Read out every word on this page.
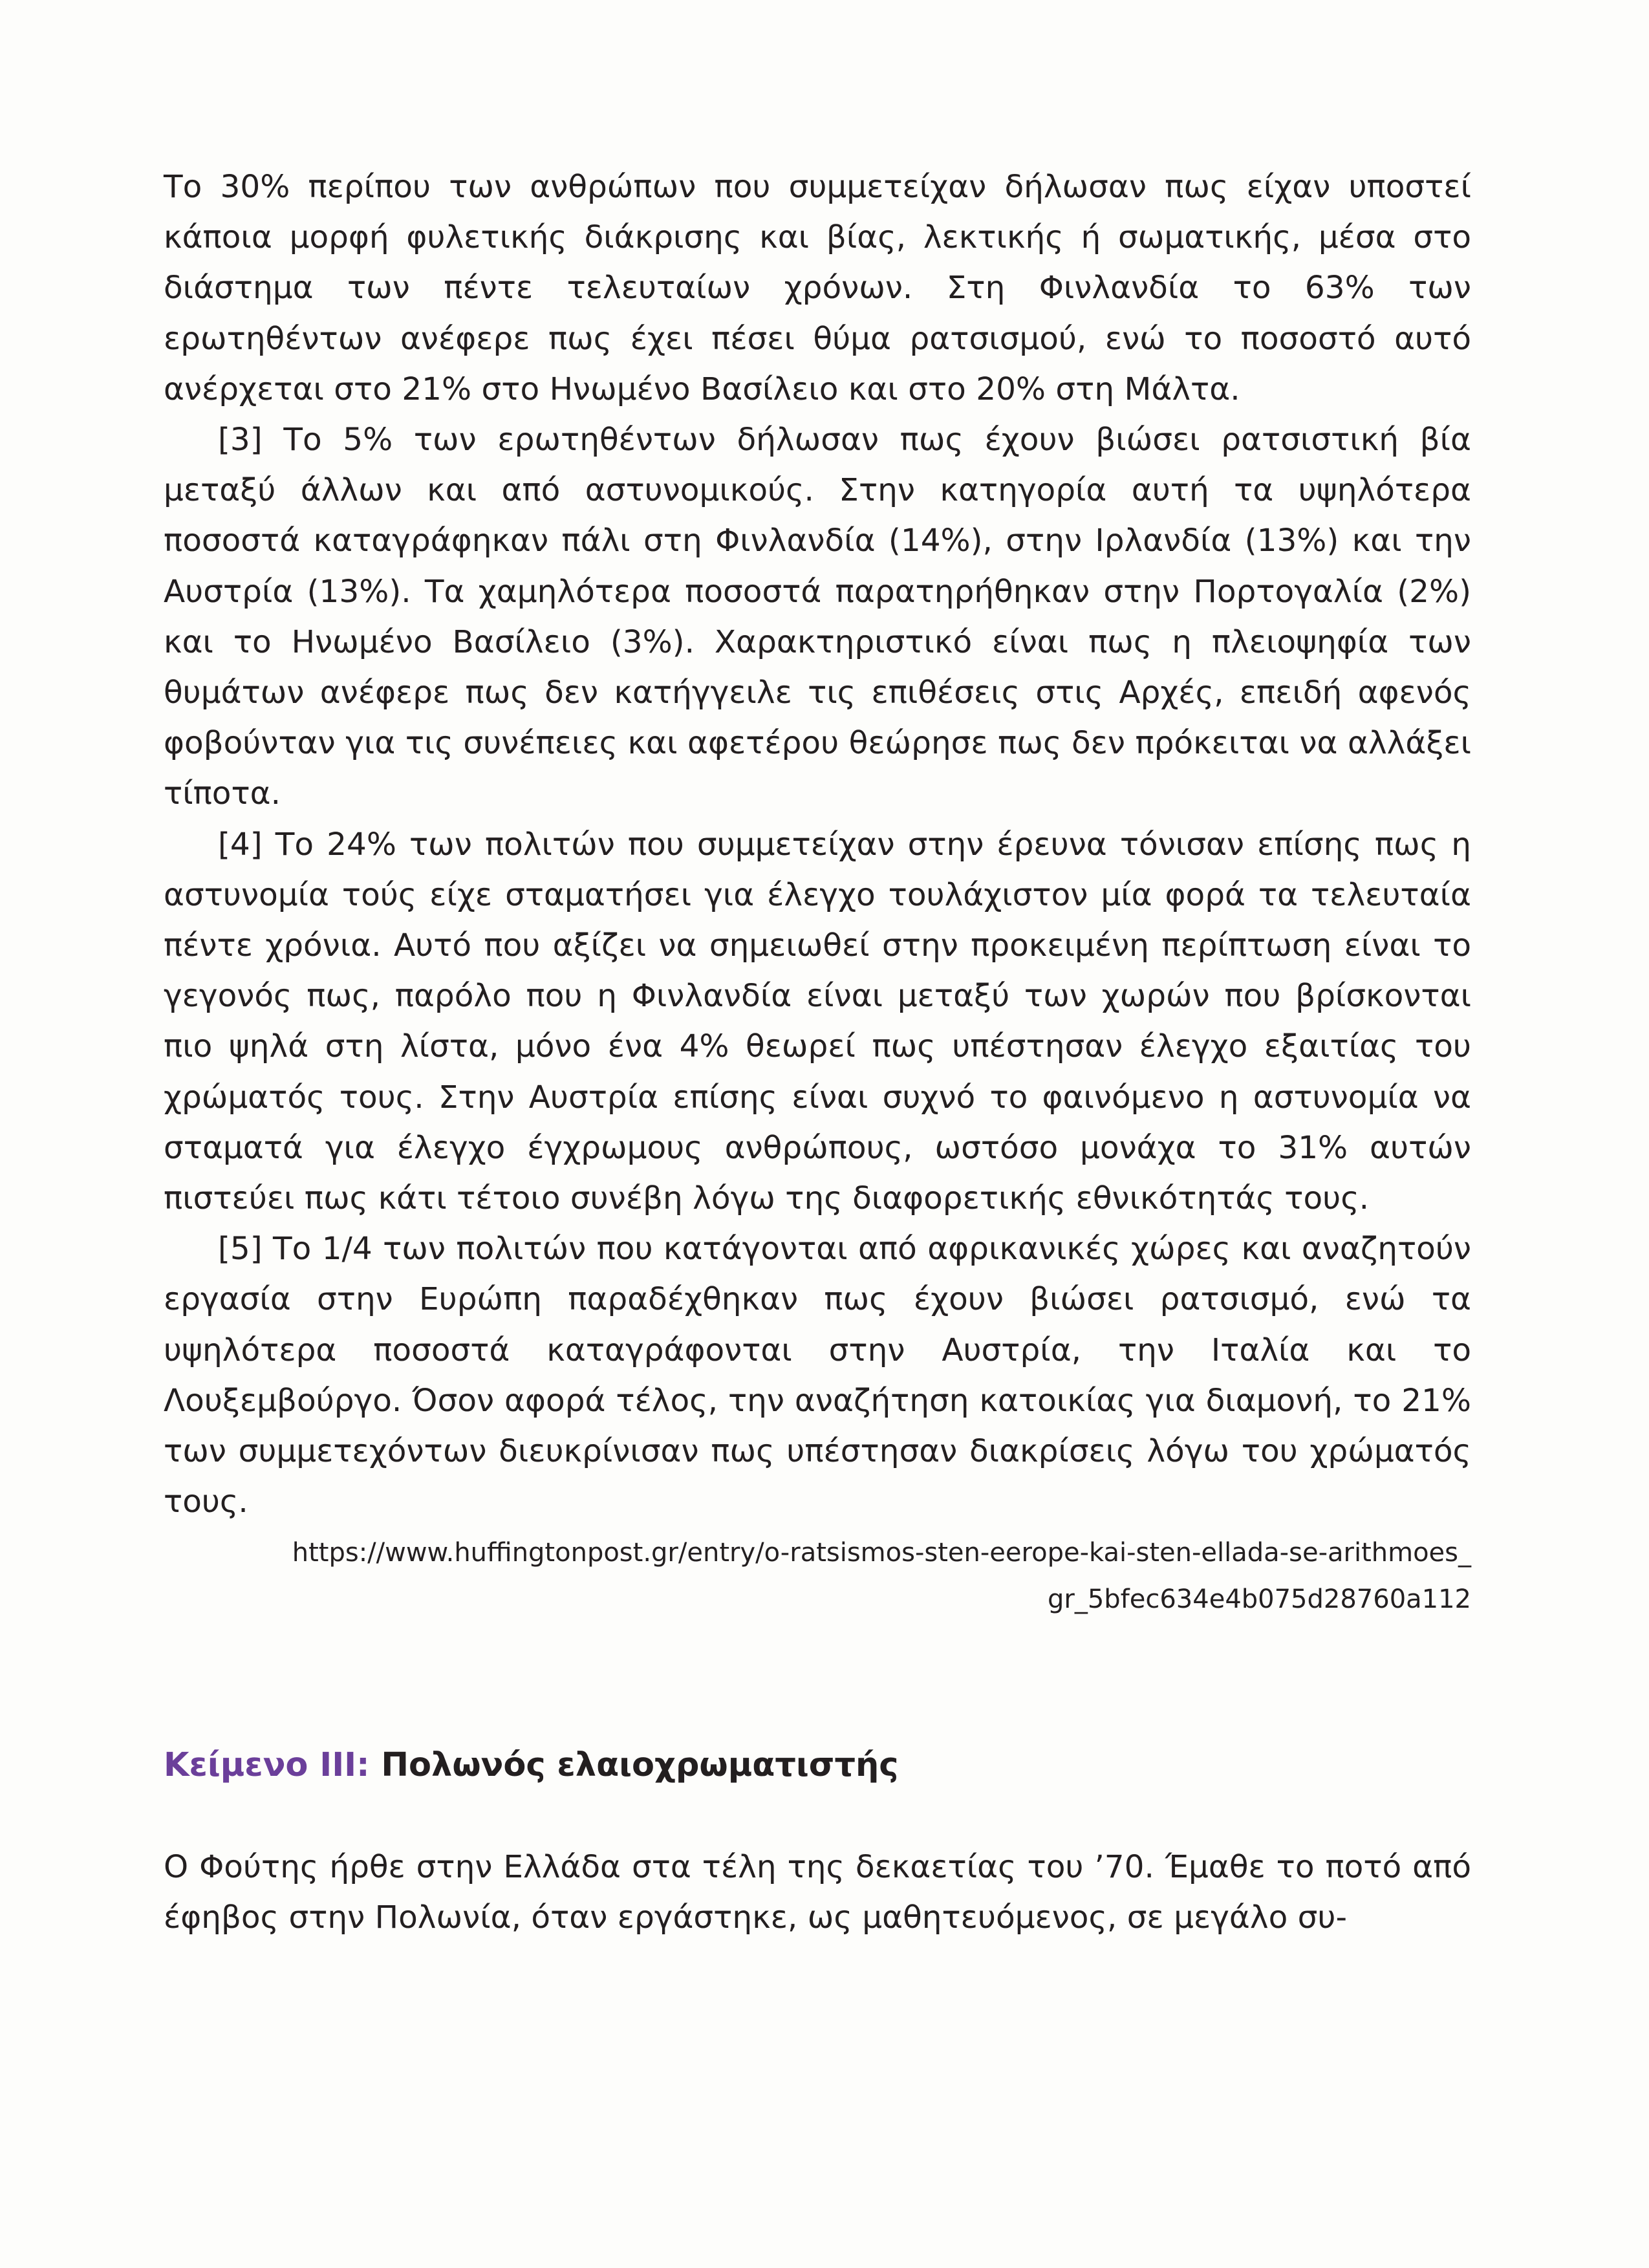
Το 30% περίπου των ανθρώπων που συμμετείχαν δήλωσαν πως είχαν υποστεί κάποια μορφή φυλετικής διάκρισης και βίας, λεκτικής ή σωματικής, μέσα στο διάστημα των πέντε τελευταίων χρόνων. Στη Φινλανδία το 63% των ερωτηθέντων ανέφερε πως έχει πέσει θύμα ρατσισμού, ενώ το ποσοστό αυτό ανέρχεται στο 21% στο Ηνωμένο Βασίλειο και στο 20% στη Μάλτα.

[3] Το 5% των ερωτηθέντων δήλωσαν πως έχουν βιώσει ρατσιστική βία μεταξύ άλλων και από αστυνομικούς. Στην κατηγορία αυτή τα υψηλότερα ποσοστά καταγράφηκαν πάλι στη Φινλανδία (14%), στην Ιρλανδία (13%) και την Αυστρία (13%). Τα χαμηλότερα ποσοστά παρατηρήθηκαν στην Πορτογαλία (2%) και το Ηνωμένο Βασίλειο (3%). Χαρακτηριστικό είναι πως η πλειοψηφία των θυμάτων ανέφερε πως δεν κατήγγειλε τις επιθέσεις στις Αρχές, επειδή αφενός φοβούνταν για τις συνέπειες και αφετέρου θεώρησε πως δεν πρόκειται να αλλάξει τίποτα.

[4] Το 24% των πολιτών που συμμετείχαν στην έρευνα τόνισαν επίσης πως η αστυνομία τούς είχε σταματήσει για έλεγχο τουλάχιστον μία φορά τα τελευταία πέντε χρόνια. Αυτό που αξίζει να σημειωθεί στην προκειμένη περίπτωση είναι το γεγονός πως, παρόλο που η Φινλανδία είναι μεταξύ των χωρών που βρίσκονται πιο ψηλά στη λίστα, μόνο ένα 4% θεωρεί πως υπέστησαν έλεγχο εξαιτίας του χρώματός τους. Στην Αυστρία επίσης είναι συχνό το φαινόμενο η αστυνομία να σταματά για έλεγχο έγχρωμους ανθρώπους, ωστόσο μονάχα το 31% αυτών πιστεύει πως κάτι τέτοιο συνέβη λόγω της διαφορετικής εθνικότητάς τους.

[5] Το 1/4 των πολιτών που κατάγονται από αφρικανικές χώρες και αναζητούν εργασία στην Ευρώπη παραδέχθηκαν πως έχουν βιώσει ρατσισμό, ενώ τα υψηλότερα ποσοστά καταγράφονται στην Αυστρία, την Ιταλία και το Λουξεμβούργο. Όσον αφορά τέλος, την αναζήτηση κατοικίας για διαμονή, το 21% των συμμετεχόντων διευκρίνισαν πως υπέστησαν διακρίσεις λόγω του χρώματός τους.

https://www.huffingtonpost.gr/entry/o-ratsismos-sten-eerope-kai-sten-ellada-se-arithmoes_
gr_5bfec634e4b075d28760a112
Κείμενο ΙΙΙ: Πολωνός ελαιοχρωματιστής

Ο Φούτης ήρθε στην Ελλάδα στα τέλη της δεκαετίας του ’70. Έμαθε το ποτό από έφηβος στην Πολωνία, όταν εργάστηκε, ως μαθητευόμενος, σε μεγάλο συ-
